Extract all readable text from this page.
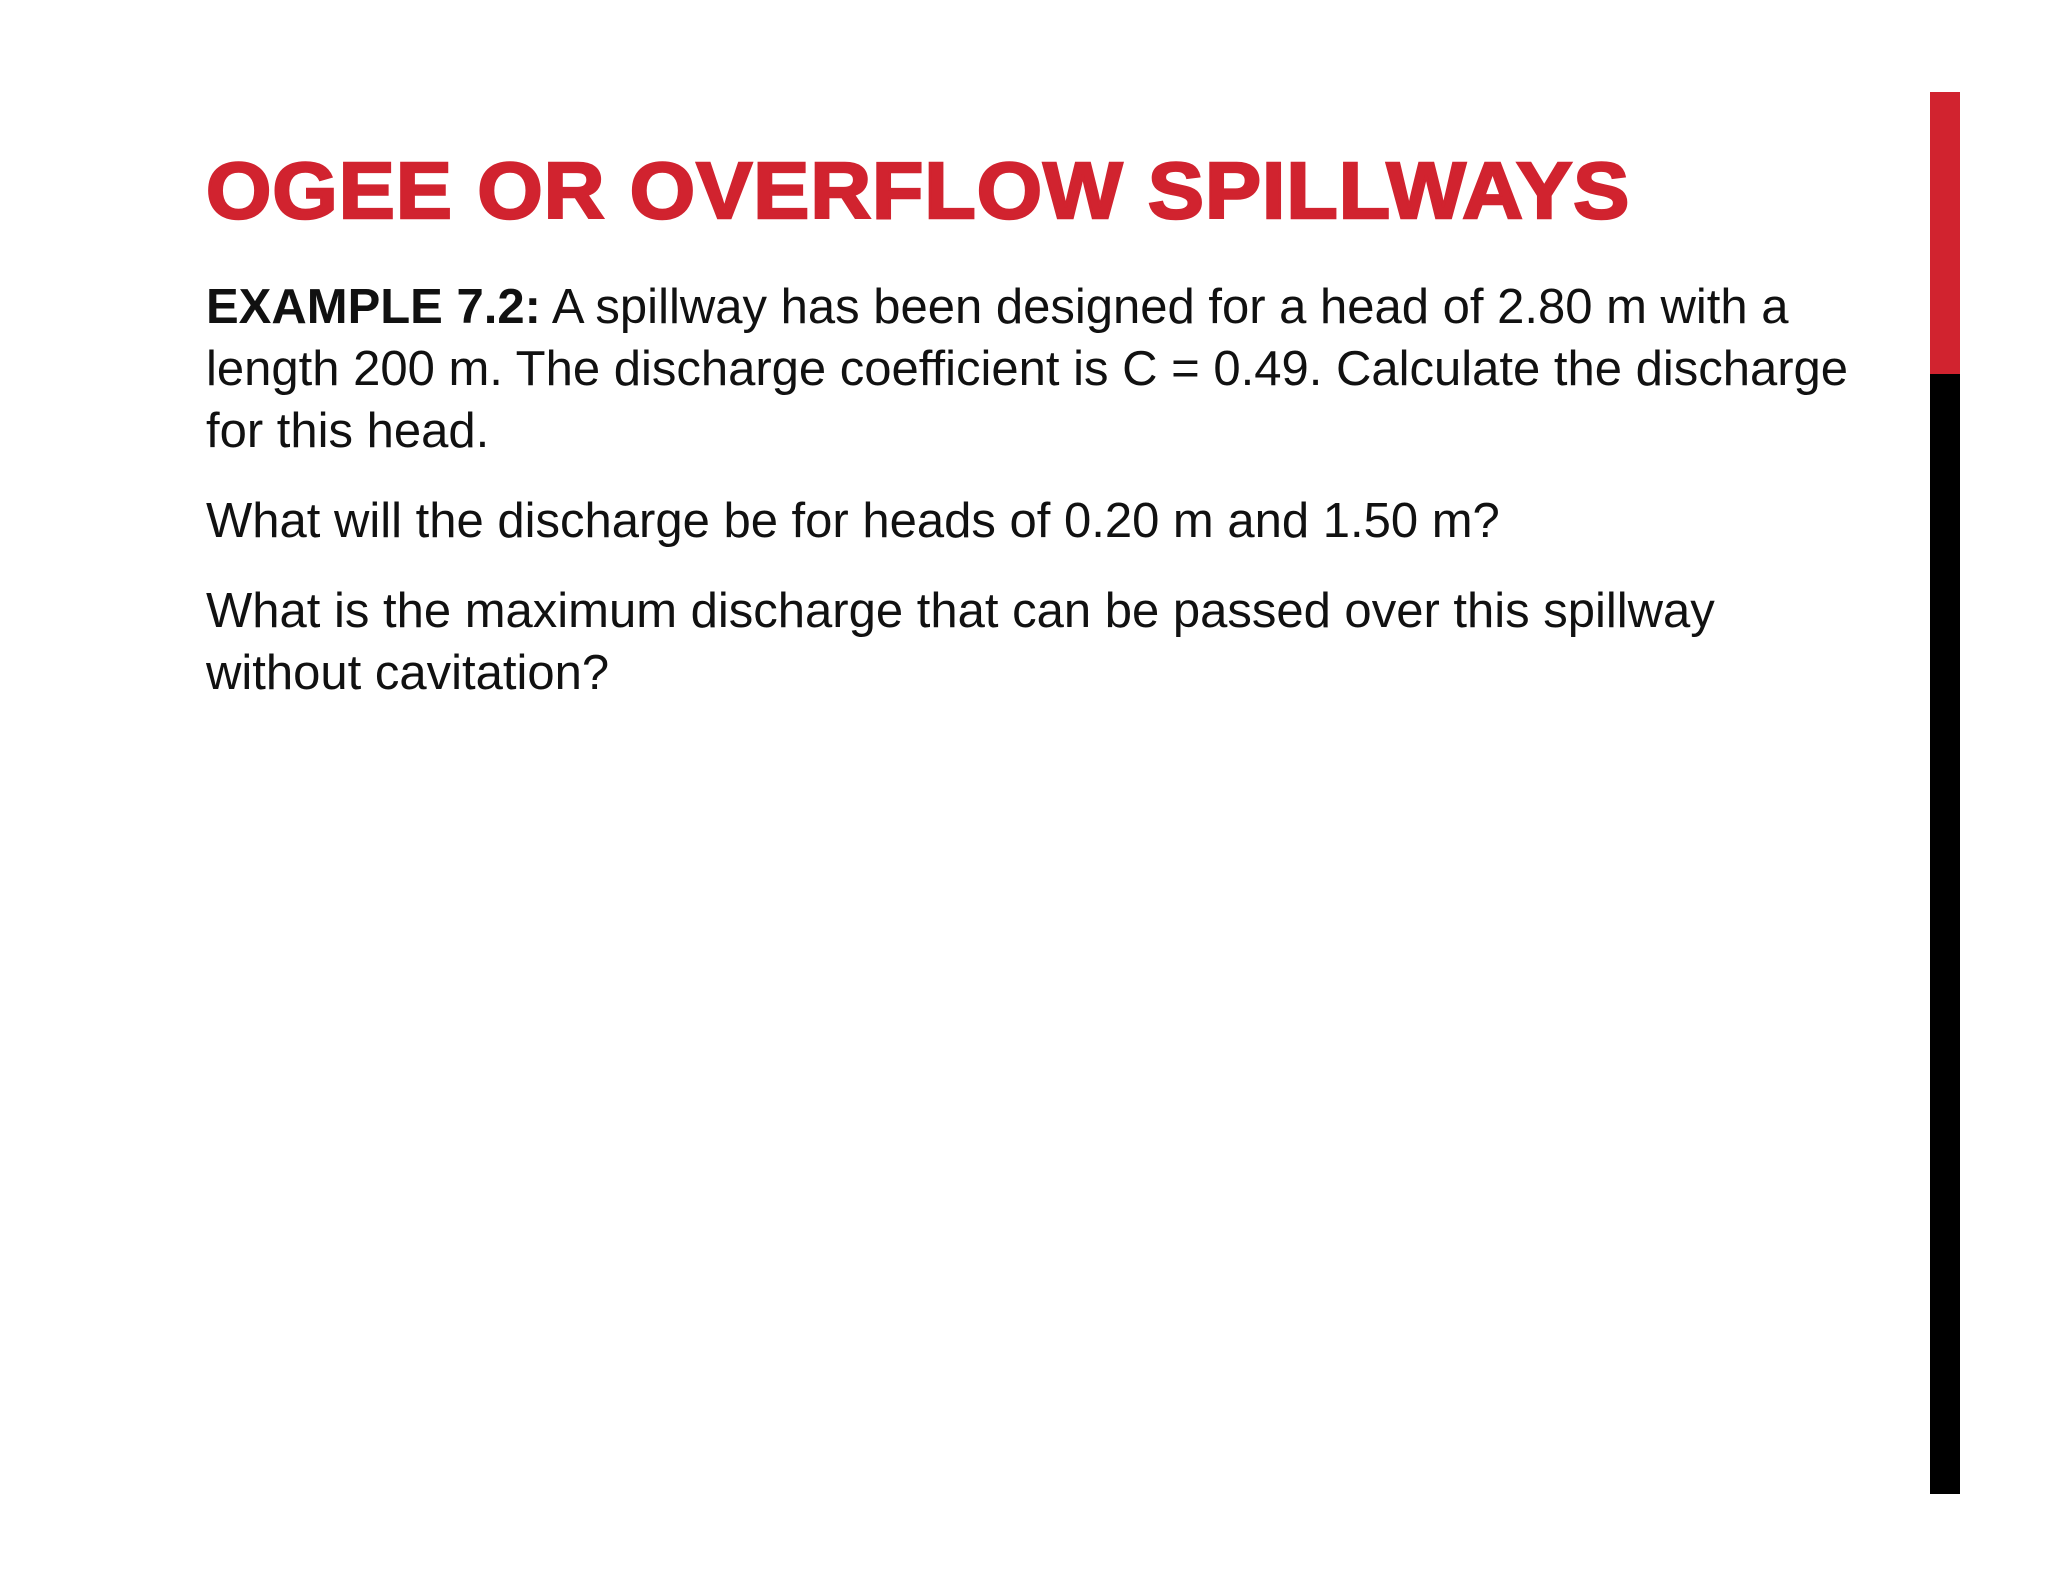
OGEE OR OVERFLOW SPILLWAYS

EXAMPLE 7.2: A spillway has been designed for a head of 2.80 m with a length 200 m. The discharge coefficient is C = 0.49. Calculate the discharge for this head.

What will the discharge be for heads of 0.20 m and 1.50 m?

What is the maximum discharge that can be passed over this spillway without cavitation?
